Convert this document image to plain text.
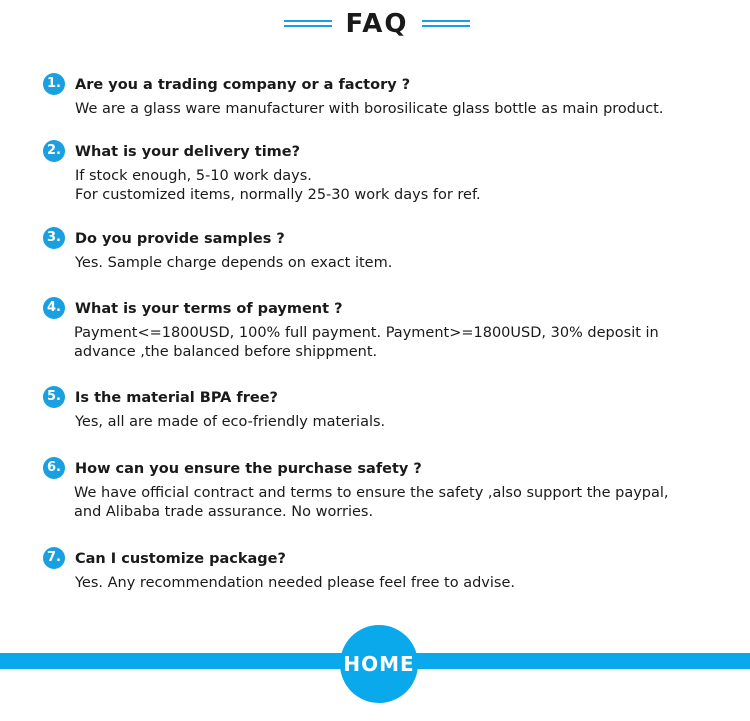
FAQ
1. Are you a trading company or a factory ?
We are a glass ware manufacturer with borosilicate glass bottle as main product.
2. What is your delivery time?
If stock enough, 5-10 work days.
For customized items, normally 25-30 work days for ref.
3. Do you provide samples ?
Yes. Sample charge depends on exact item.
4. What is your terms of payment ?
Payment<=1800USD, 100% full payment. Payment>=1800USD, 30% deposit in advance ,the balanced before shippment.
5. Is the material BPA free?
Yes, all are made of eco-friendly materials.
6. How can you ensure the purchase safety ?
We have official contract and terms to ensure the safety ,also support the paypal, and Alibaba trade assurance. No worries.
7. Can I customize package?
Yes. Any recommendation needed please feel free to advise.
HOME
